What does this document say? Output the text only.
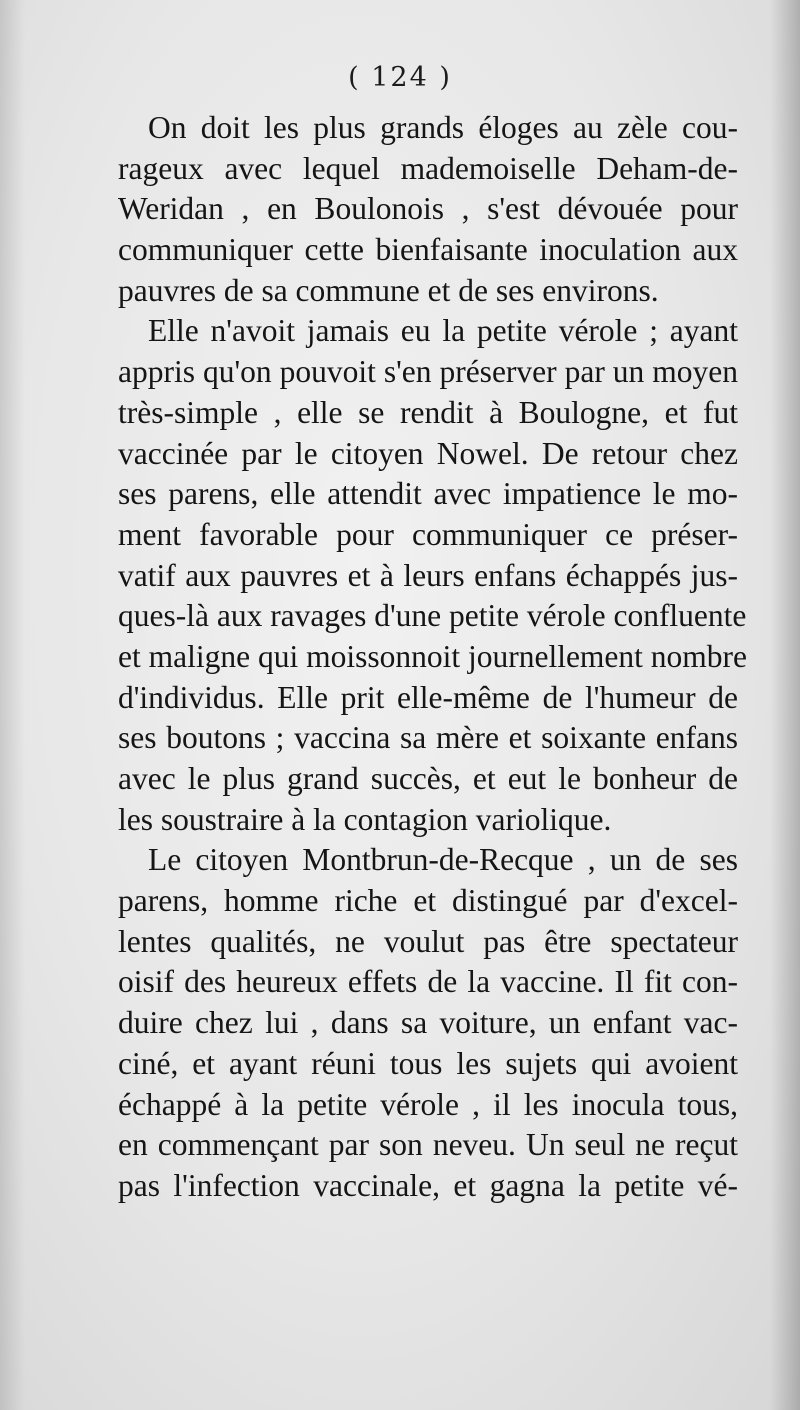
( 124 )
On doit les plus grands éloges au zèle cou-
rageux avec lequel mademoiselle Deham-de-
Weridan , en Boulonois , s'est dévouée pour
communiquer cette bienfaisante inoculation aux
pauvres de sa commune et de ses environs.
Elle n'avoit jamais eu la petite vérole ; ayant
appris qu'on pouvoit s'en préserver par un moyen
très-simple , elle se rendit à Boulogne, et fut
vaccinée par le citoyen Nowel. De retour chez
ses parens, elle attendit avec impatience le mo-
ment favorable pour communiquer ce préser-
vatif aux pauvres et à leurs enfans échappés jus-
ques-là aux ravages d'une petite vérole confluente
et maligne qui moissonnoit journellement nombre
d'individus. Elle prit elle-même de l'humeur de
ses boutons ; vaccina sa mère et soixante enfans
avec le plus grand succès, et eut le bonheur de
les soustraire à la contagion variolique.
Le citoyen Montbrun-de-Recque , un de ses
parens, homme riche et distingué par d'excel-
lentes qualités, ne voulut pas être spectateur
oisif des heureux effets de la vaccine. Il fit con-
duire chez lui , dans sa voiture, un enfant vac-
ciné, et ayant réuni tous les sujets qui avoient
échappé à la petite vérole , il les inocula tous,
en commençant par son neveu. Un seul ne reçut
pas l'infection vaccinale, et gagna la petite vé-
